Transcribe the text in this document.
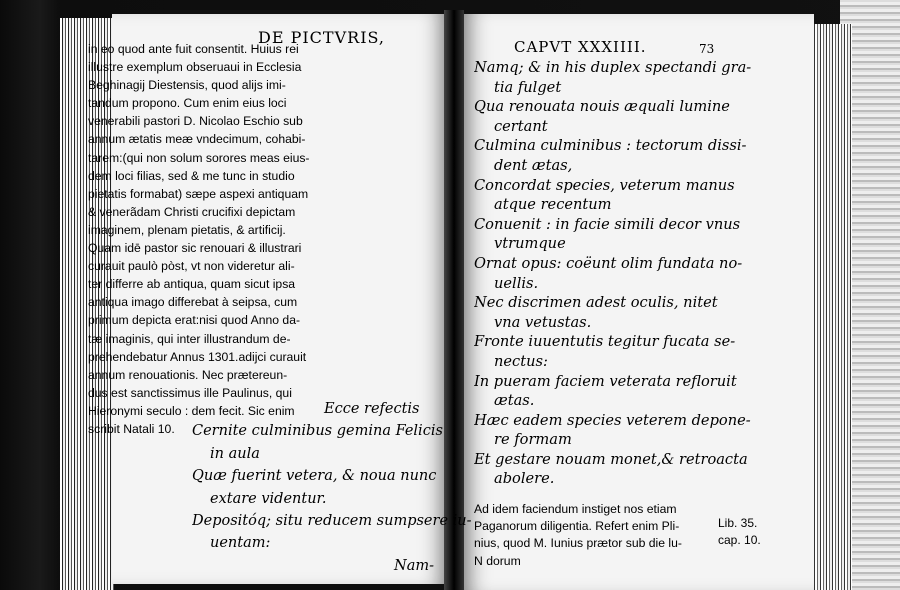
DE PICTVRIS,	CAPVT XXXIIII.	73
in eo quod ante fuit consentit. Huius rei
illustre exemplum obseruaui in Ecclesia
Beghinagij Diestensis, quod alijs imi-
tandum propono. Cum enim eius loci
venerabili pastori D. Nicolao Eschio sub
annum ætatis meæ vndecimum, cohabi-
tarem:(qui non solum sorores meas eius-
dem loci filias, sed & me tunc in studio
pietatis formabat) sæpe aspexi antiquam
& venerãdam Christi crucifixi depictam
imaginem, plenam pietatis, & artificij.
Quam idē pastor sic renouari & illustrari
curauit paulò pòst, vt non videretur ali-
ter differre ab antiqua, quam sicut ipsa
antiqua imago differebat à seipsa, cum
primum depicta erat:nisi quod Anno da-
tæ imaginis, qui inter illustrandum de-
prehendebatur Annus 1301.adijci curauit
annum renouationis. Nec prætereun-
dus est sanctissimus ille Paulinus, qui
Hieronymi seculo : dem fecit. Sic enim
scribit Natali 10.
Ecce refectis
Cernite culminibus gemina Felicis
in aula
Quæ fuerint vetera, & noua nunc
extare videntur.
Depositóq; situ reducem sumpsere iu-
uentam:
Nam-
Namq; & in his duplex spectandi gra-
tia fulget
Qua renouata nouis æquali lumine
certant
Culmina culminibus : tectorum dissi-
dent ætas,
Concordat species, veterum manus
atque recentum
Conuenit : in facie simili decor vnus
vtrumque
Ornat opus: coëunt olim fundata no-
uellis.
Nec discrimen adest oculis, nitet
vna vetustas.
Fronte iuuentutis tegitur fucata se-
nectus:
In pueram faciem veterata refloruit
ætas.
Hæc eadem species veterem depone-
re formam
Et gestare nouam monet,& retroacta
abolere.
Ad idem faciendum instiget nos etiam
Paganorum diligentia. Refert enim Pli-
nius, quod M. Iunius prætor sub die lu-
N dorum
Lib. 35.
cap. 10.
